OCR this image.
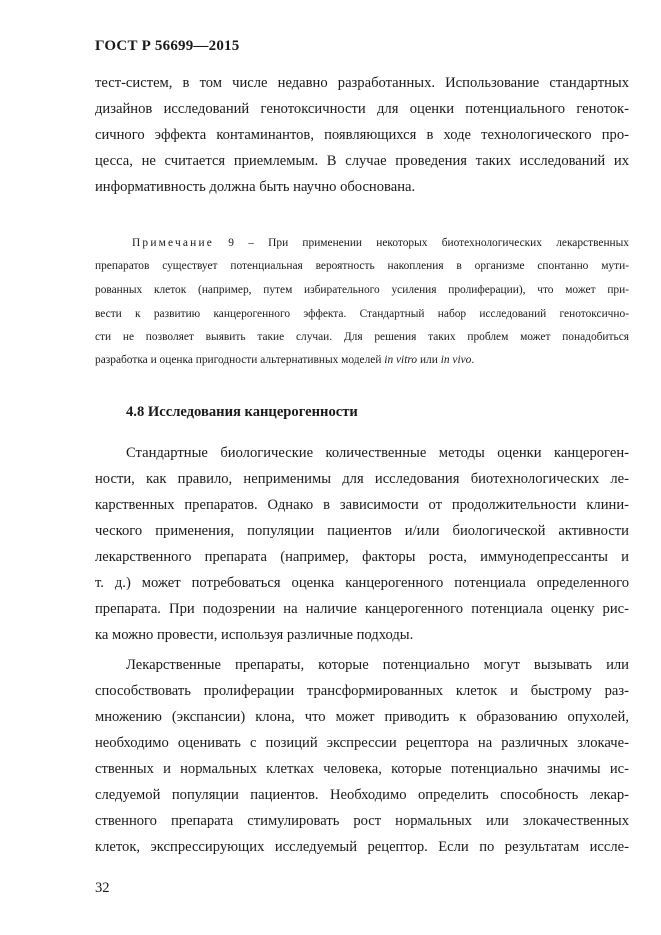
ГОСТ Р 56699—2015
тест-систем, в том числе недавно разработанных. Использование стандартных
дизайнов исследований генотоксичности для оценки потенциального геноток-
сичного эффекта контаминантов, появляющихся в ходе технологического про-
цесса, не считается приемлемым. В случае проведения таких исследований их
информативность должна быть научно обоснована.
Примечание 9 – При применении некоторых биотехнологических лекарственных
препаратов существует потенциальная вероятность накопления в организме спонтанно мути-
рованных клеток (например, путем избирательного усиления пролиферации), что может при-
вести к развитию канцерогенного эффекта. Стандартный набор исследований генотоксично-
сти не позволяет выявить такие случаи. Для решения таких проблем может понадобиться
разработка и оценка пригодности альтернативных моделей in vitro или in vivo.
4.8 Исследования канцерогенности
Стандартные биологические количественные методы оценки канцероген-
ности, как правило, неприменимы для исследования биотехнологических ле-
карственных препаратов. Однако в зависимости от продолжительности клини-
ческого применения, популяции пациентов и/или биологической активности
лекарственного препарата (например, факторы роста, иммунодепрессанты и
т. д.) может потребоваться оценка канцерогенного потенциала определенного
препарата. При подозрении на наличие канцерогенного потенциала оценку рис-
ка можно провести, используя различные подходы.
Лекарственные препараты, которые потенциально могут вызывать или
способствовать пролиферации трансформированных клеток и быстрому раз-
множению (экспансии) клона, что может приводить к образованию опухолей,
необходимо оценивать с позиций экспрессии рецептора на различных злокаче-
ственных и нормальных клетках человека, которые потенциально значимы ис-
следуемой популяции пациентов. Необходимо определить способность лекар-
ственного препарата стимулировать рост нормальных или злокачественных
клеток, экспрессирующих исследуемый рецептор. Если по результатам иссле-
32
